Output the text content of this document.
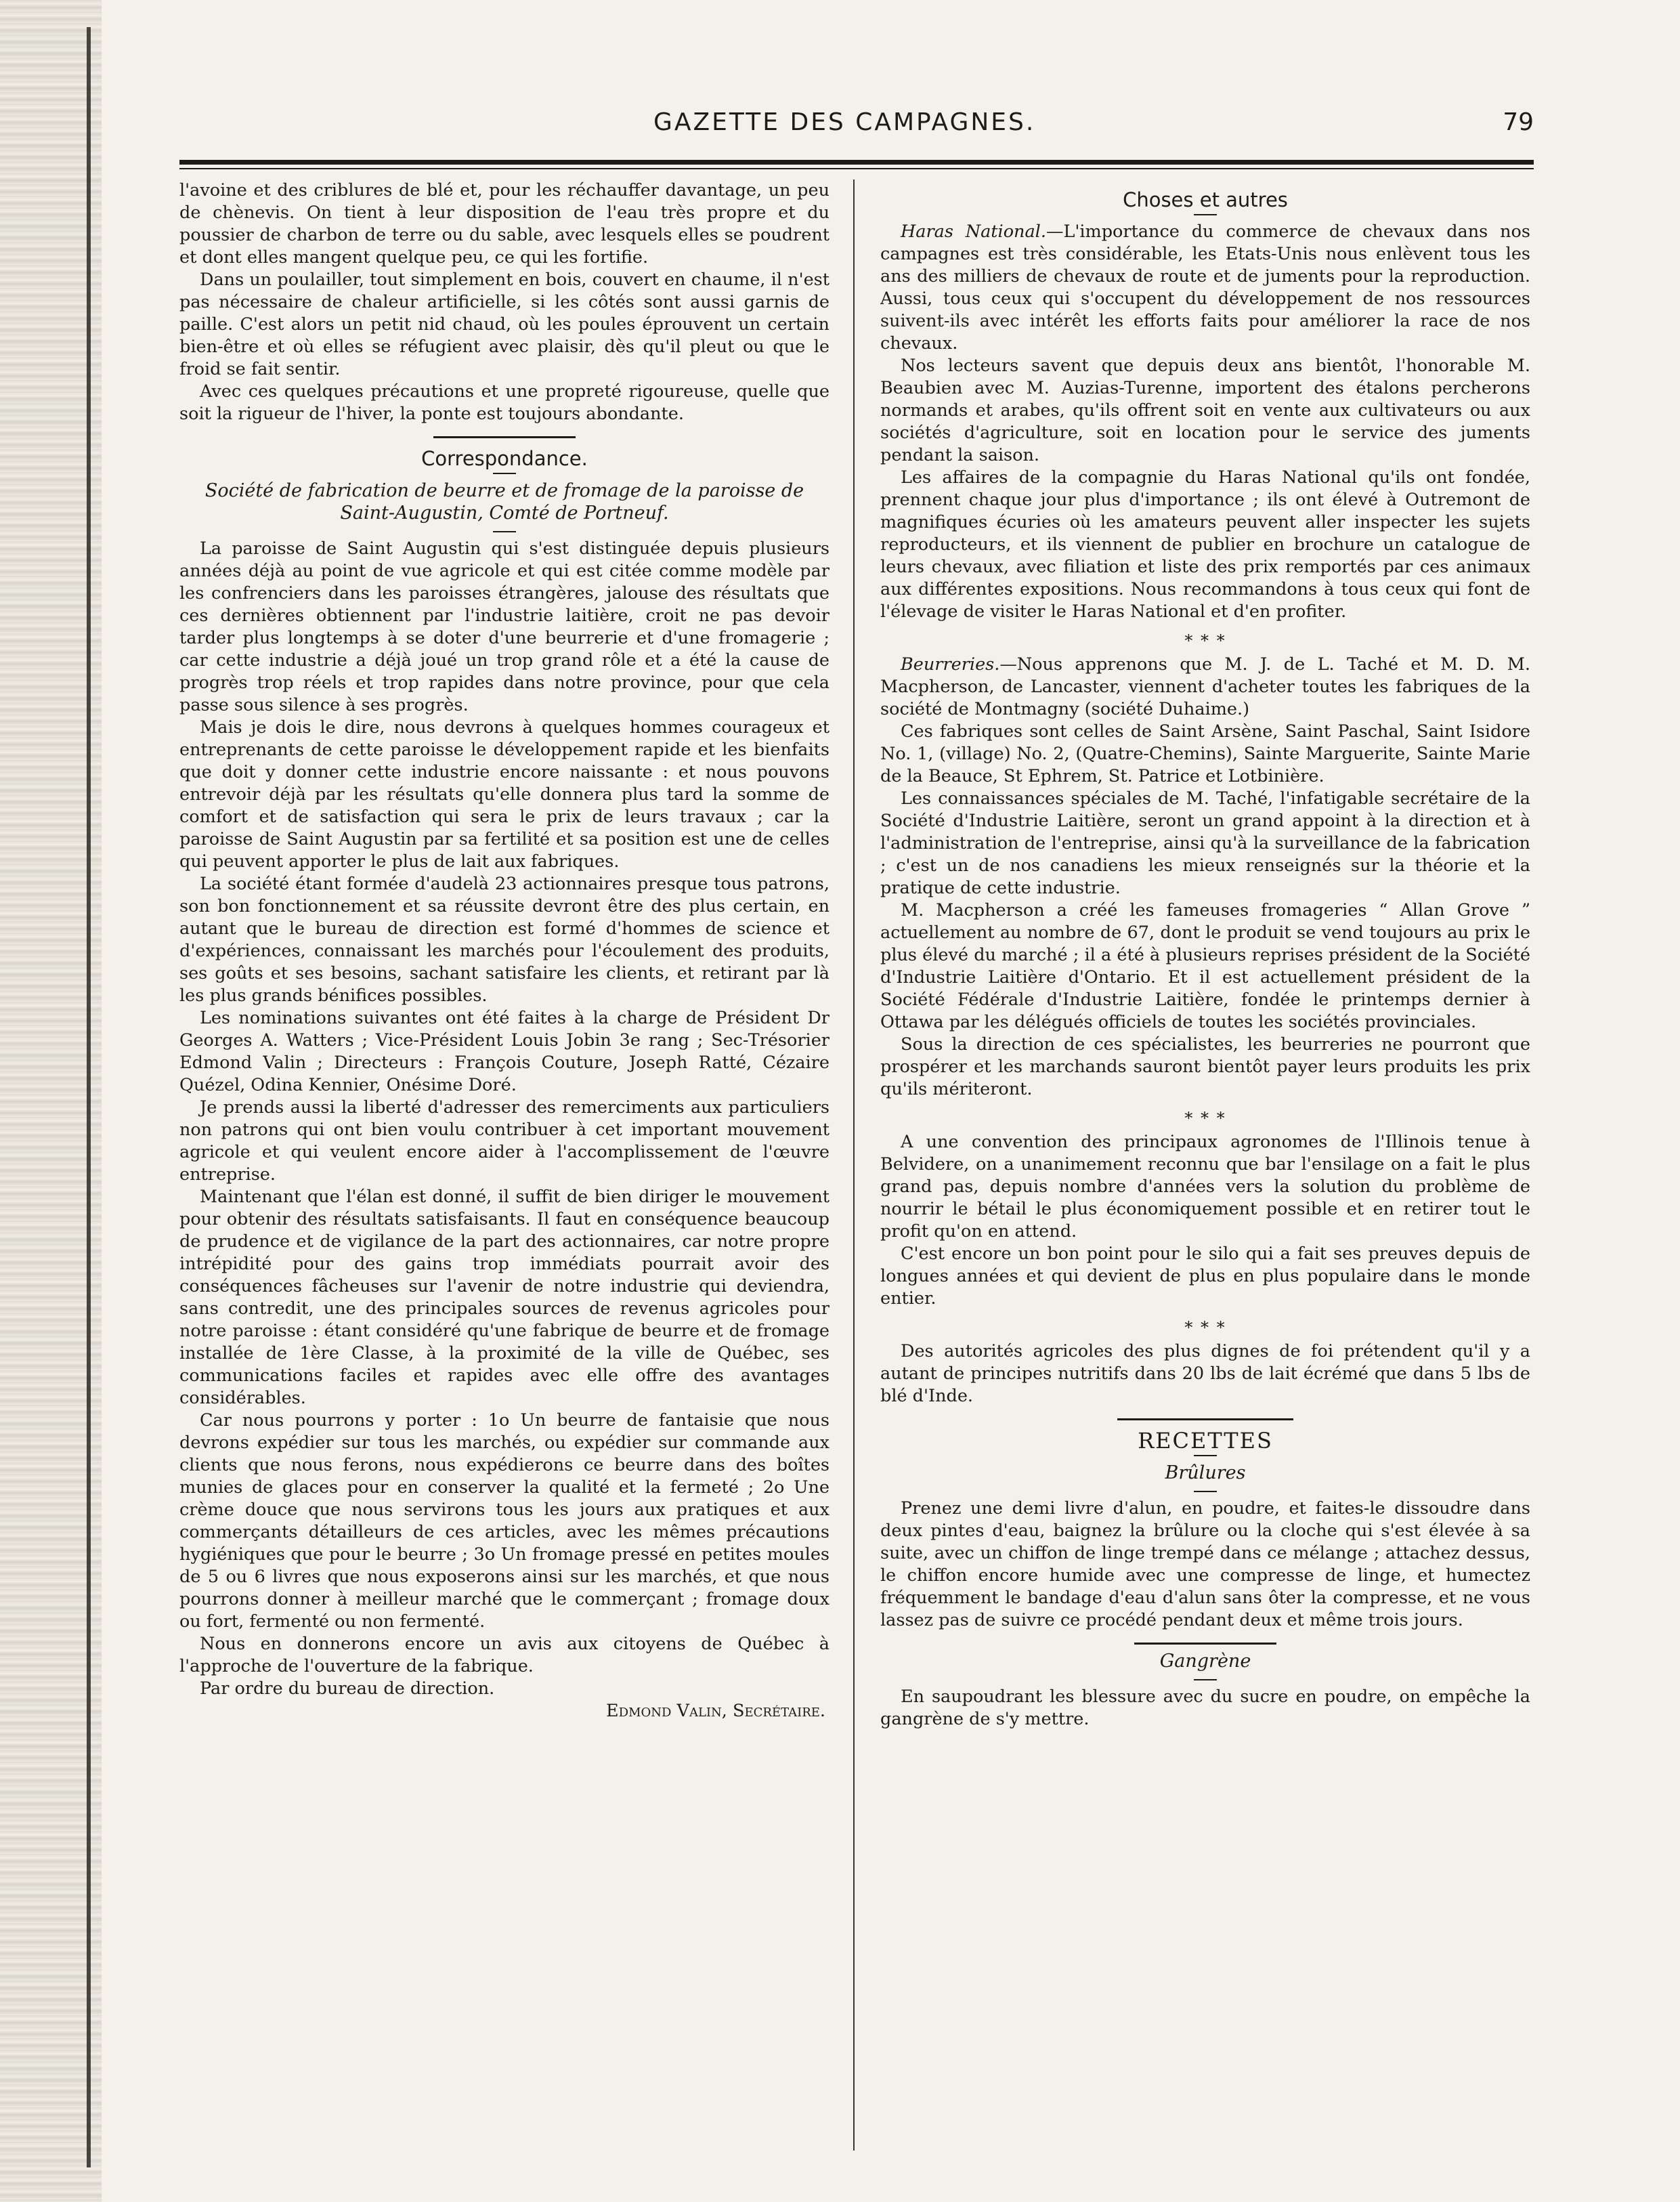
GAZETTE DES CAMPAGNES.	79

l'avoine et des criblures de blé et, pour les réchauffer davantage, un peu de chènevis. On tient à leur disposition de l'eau très propre et du poussier de charbon de terre ou du sable, avec lesquels elles se poudrent et dont elles mangent quelque peu, ce qui les fortifie.

Dans un poulailler, tout simplement en bois, couvert en chaume, il n'est pas nécessaire de chaleur artificielle, si les côtés sont aussi garnis de paille. C'est alors un petit nid chaud, où les poules éprouvent un certain bien-être et où elles se réfugient avec plaisir, dès qu'il pleut ou que le froid se fait sentir.

Avec ces quelques précautions et une propreté rigoureuse, quelle que soit la rigueur de l'hiver, la ponte est toujours abondante.

Correspondance.

Société de fabrication de beurre et de fromage de la paroisse de Saint-Augustin, Comté de Portneuf.

La paroisse de Saint Augustin qui s'est distinguée depuis plusieurs années déjà au point de vue agricole et qui est citée comme modèle par les confrenciers dans les paroisses étrangères, jalouse des résultats que ces dernières obtiennent par l'industrie laitière, croit ne pas devoir tarder plus longtemps à se doter d'une beurrerie et d'une fromagerie ; car cette industrie a déjà joué un trop grand rôle et a été la cause de progrès trop réels et trop rapides dans notre province, pour que cela passe sous silence à ses progrès.

Mais je dois le dire, nous devrons à quelques hommes courageux et entreprenants de cette paroisse le développement rapide et les bienfaits que doit y donner cette industrie encore naissante : et nous pouvons entrevoir déjà par les résultats qu'elle donnera plus tard la somme de comfort et de satisfaction qui sera le prix de leurs travaux ; car la paroisse de Saint Augustin par sa fertilité et sa position est une de celles qui peuvent apporter le plus de lait aux fabriques.

La société étant formée d'audelà 23 actionnaires presque tous patrons, son bon fonctionnement et sa réussite devront être des plus certain, en autant que le bureau de direction est formé d'hommes de science et d'expériences, connaissant les marchés pour l'écoulement des produits, ses goûts et ses besoins, sachant satisfaire les clients, et retirant par là les plus grands bénifices possibles.

Les nominations suivantes ont été faites à la charge de Président Dr Georges A. Watters ; Vice-Président Louis Jobin 3e rang ; Sec-Trésorier Edmond Valin ; Directeurs : François Couture, Joseph Ratté, Cézaire Quézel, Odina Kennier, Onésime Doré.

Je prends aussi la liberté d'adresser des remerciments aux particuliers non patrons qui ont bien voulu contribuer à cet important mouvement agricole et qui veulent encore aider à l'accomplissement de l'œuvre entreprise.

Maintenant que l'élan est donné, il suffit de bien diriger le mouvement pour obtenir des résultats satisfaisants. Il faut en conséquence beaucoup de prudence et de vigilance de la part des actionnaires, car notre propre intrépidité pour des gains trop immédiats pourrait avoir des conséquences fâcheuses sur l'avenir de notre industrie qui deviendra, sans contredit, une des principales sources de revenus agricoles pour notre paroisse : étant considéré qu'une fabrique de beurre et de fromage installée de 1ère Classe, à la proximité de la ville de Québec, ses communications faciles et rapides avec elle offre des avantages considérables.

Car nous pourrons y porter : 1o Un beurre de fantaisie que nous devrons expédier sur tous les marchés, ou expédier sur commande aux clients que nous ferons, nous expédierons ce beurre dans des boîtes munies de glaces pour en conserver la qualité et la fermeté ; 2o Une crème douce que nous servirons tous les jours aux pratiques et aux commerçants détailleurs de ces articles, avec les mêmes précautions hygiéniques que pour le beurre ; 3o Un fromage pressé en petites moules de 5 ou 6 livres que nous exposerons ainsi sur les marchés, et que nous pourrons donner à meilleur marché que le commerçant ; fromage doux ou fort, fermenté ou non fermenté.

Nous en donnerons encore un avis aux citoyens de Québec à l'approche de l'ouverture de la fabrique.

Par ordre du bureau de direction.

Edmond Valin, Secrétaire.

Choses et autres

Haras National.—L'importance du commerce de chevaux dans nos campagnes est très considérable, les Etats-Unis nous enlèvent tous les ans des milliers de chevaux de route et de juments pour la reproduction. Aussi, tous ceux qui s'occupent du développement de nos ressources suivent-ils avec intérêt les efforts faits pour améliorer la race de nos chevaux.

Nos lecteurs savent que depuis deux ans bientôt, l'honorable M. Beaubien avec M. Auzias-Turenne, importent des étalons percherons normands et arabes, qu'ils offrent soit en vente aux cultivateurs ou aux sociétés d'agriculture, soit en location pour le service des juments pendant la saison.

Les affaires de la compagnie du Haras National qu'ils ont fondée, prennent chaque jour plus d'importance ; ils ont élevé à Outremont de magnifiques écuries où les amateurs peuvent aller inspecter les sujets reproducteurs, et ils viennent de publier en brochure un catalogue de leurs chevaux, avec filiation et liste des prix remportés par ces animaux aux différentes expositions. Nous recommandons à tous ceux qui font de l'élevage de visiter le Haras National et d'en profiter.

* * *

Beurreries.—Nous apprenons que M. J. de L. Taché et M. D. M. Macpherson, de Lancaster, viennent d'acheter toutes les fabriques de la société de Montmagny (société Duhaime.)

Ces fabriques sont celles de Saint Arsène, Saint Paschal, Saint Isidore No. 1, (village) No. 2, (Quatre-Chemins), Sainte Marguerite, Sainte Marie de la Beauce, St Ephrem, St. Patrice et Lotbinière.

Les connaissances spéciales de M. Taché, l'infatigable secrétaire de la Société d'Industrie Laitière, seront un grand appoint à la direction et à l'administration de l'entreprise, ainsi qu'à la surveillance de la fabrication ; c'est un de nos canadiens les mieux renseignés sur la théorie et la pratique de cette industrie.

M. Macpherson a créé les fameuses fromageries “ Allan Grove ” actuellement au nombre de 67, dont le produit se vend toujours au prix le plus élevé du marché ; il a été à plusieurs reprises président de la Société d'Industrie Laitière d'Ontario. Et il est actuellement président de la Société Fédérale d'Industrie Laitière, fondée le printemps dernier à Ottawa par les délégués officiels de toutes les sociétés provinciales.

Sous la direction de ces spécialistes, les beurreries ne pourront que prospérer et les marchands sauront bientôt payer leurs produits les prix qu'ils mériteront.

* * *

A une convention des principaux agronomes de l'Illinois tenue à Belvidere, on a unanimement reconnu que bar l'ensilage on a fait le plus grand pas, depuis nombre d'années vers la solution du problème de nourrir le bétail le plus économiquement possible et en retirer tout le profit qu'on en attend.

C'est encore un bon point pour le silo qui a fait ses preuves depuis de longues années et qui devient de plus en plus populaire dans le monde entier.

* * *

Des autorités agricoles des plus dignes de foi prétendent qu'il y a autant de principes nutritifs dans 20 lbs de lait écrémé que dans 5 lbs de blé d'Inde.

RECETTES

Brûlures

Prenez une demi livre d'alun, en poudre, et faites-le dissoudre dans deux pintes d'eau, baignez la brûlure ou la cloche qui s'est élevée à sa suite, avec un chiffon de linge trempé dans ce mélange ; attachez dessus, le chiffon encore humide avec une compresse de linge, et humectez fréquemment le bandage d'eau d'alun sans ôter la compresse, et ne vous lassez pas de suivre ce procédé pendant deux et même trois jours.

Gangrène

En saupoudrant les blessure avec du sucre en poudre, on empêche la gangrène de s'y mettre.
